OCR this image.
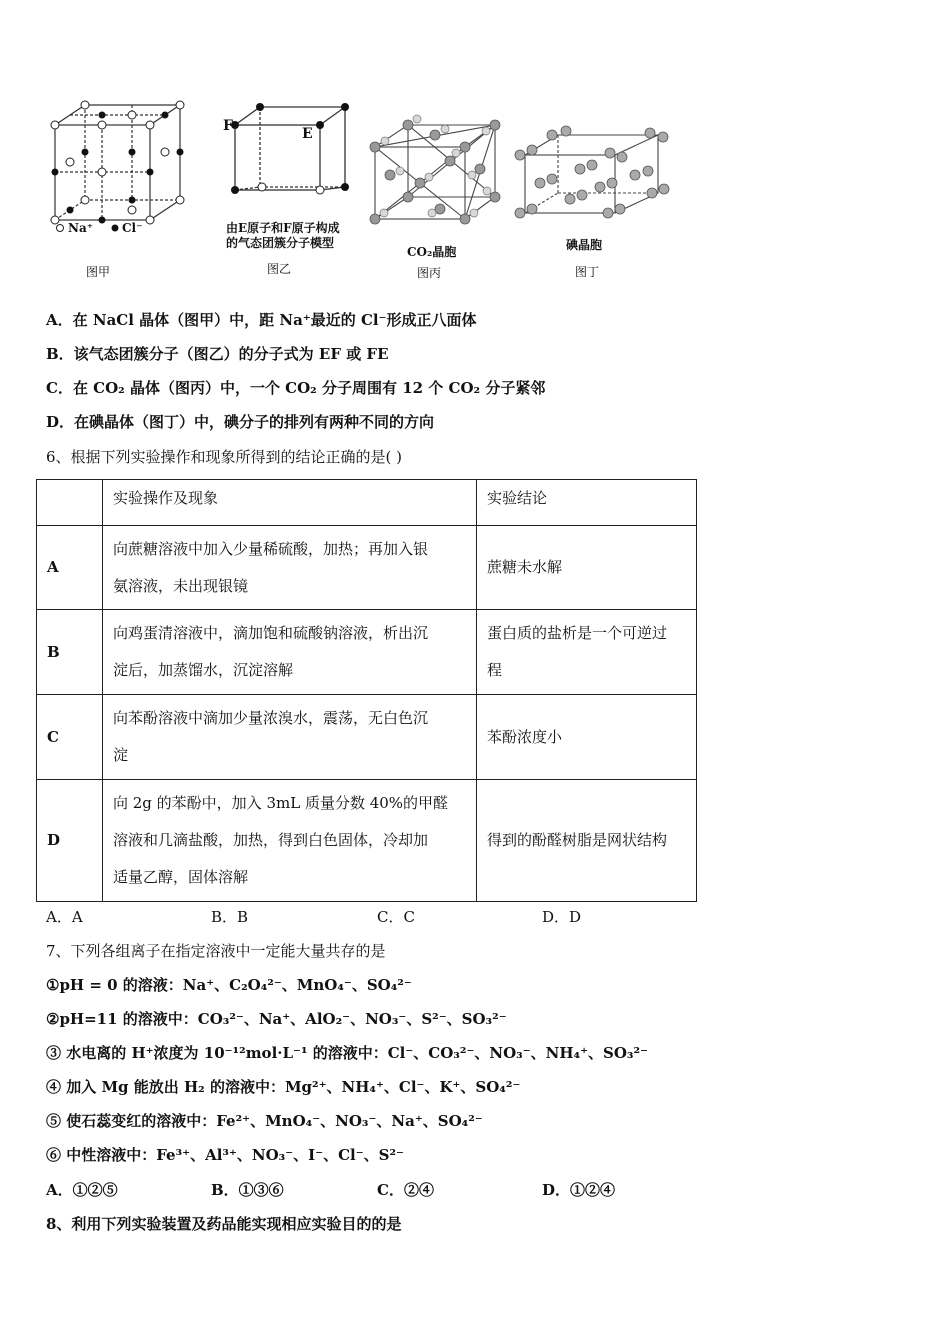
Na⁺ Cl⁻
图甲
F	E
由E原子和F原子构成
的气态团簇分子模型
图乙
CO₂晶胞
图丙
碘晶胞
图丁
A．在 NaCl 晶体（图甲）中，距 Na⁺最近的 Cl⁻形成正八面体
B．该气态团簇分子（图乙）的分子式为 EF 或 FE
C．在 CO₂ 晶体（图丙）中，一个 CO₂ 分子周围有 12 个 CO₂ 分子紧邻
D．在碘晶体（图丁）中，碘分子的排列有两种不同的方向
6、根据下列实验操作和现象所得到的结论正确的是( )
	实验操作及现象	实验结论
A	向蔗糖溶液中加入少量稀硫酸，加热；再加入银
氨溶液，未出现银镜	蔗糖未水解
B	向鸡蛋清溶液中，滴加饱和硫酸钠溶液，析出沉
淀后，加蒸馏水，沉淀溶解	蛋白质的盐析是一个可逆过
程

C	向苯酚溶液中滴加少量浓溴水，震荡，无白色沉
淀	苯酚浓度小
D	向 2g 的苯酚中，加入 3mL 质量分数 40%的甲醛
溶液和几滴盐酸，加热，得到白色固体，冷却加
适量乙醇，固体溶解	得到的酚醛树脂是网状结构
A．A	B．B	C．C	D．D
7、下列各组离子在指定溶液中一定能大量共存的是
①pH = 0 的溶液：Na⁺、C₂O₄²⁻、MnO₄⁻、SO₄²⁻
②pH=11 的溶液中：CO₃²⁻、Na⁺、AlO₂⁻、NO₃⁻、S²⁻、SO₃²⁻
③ 水电离的 H⁺浓度为 10⁻¹²mol·L⁻¹ 的溶液中：Cl⁻、CO₃²⁻、NO₃⁻、NH₄⁺、SO₃²⁻
④ 加入 Mg 能放出 H₂ 的溶液中：Mg²⁺、NH₄⁺、Cl⁻、K⁺、SO₄²⁻
⑤ 使石蕊变红的溶液中：Fe²⁺、MnO₄⁻、NO₃⁻、Na⁺、SO₄²⁻
⑥ 中性溶液中：Fe³⁺、Al³⁺、NO₃⁻、I⁻、Cl⁻、S²⁻
A．①②⑤	B．①③⑥	C．②④	D．①②④
8、利用下列实验装置及药品能实现相应实验目的的是
